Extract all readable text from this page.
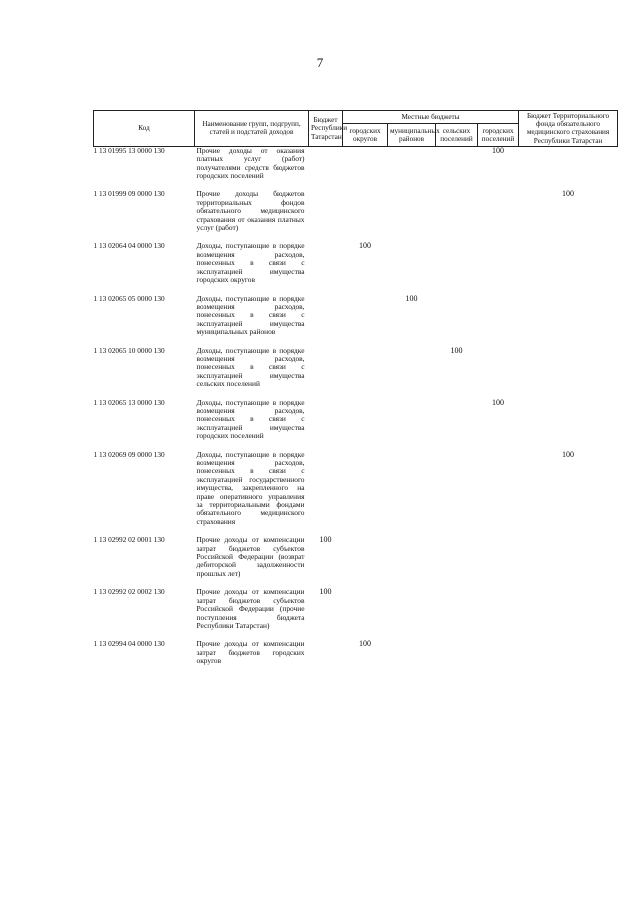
7
Код	Наименование групп, подгрупп, статей и подстатей доходов	Бюджет Республики Татарстан	Местные бюджеты				Бюджет Территориального фонда обязательного медицинского страхования Республики Татарстан
			городских округов	муниципальных районов	сельских поселений	городских поселений	
1 13 01995 13 0000 130	Прочие доходы от оказания платных услуг (работ) получателями средств бюджетов городских поселений					100	

1 13 01999 09 0000 130	Прочие доходы бюджетов территориальных фондов обязательного медицинского страхования от оказания платных услуг (работ)						100

1 13 02064 04 0000 130	Доходы, поступающие в порядке возмещения расходов, понесенных в связи с эксплуатацией имущества городских округов		100				

1 13 02065 05 0000 130	Доходы, поступающие в порядке возмещения расходов, понесенных в связи с эксплуатацией имущества муниципальных районов			100			

1 13 02065 10 0000 130	Доходы, поступающие в порядке возмещения расходов, понесенных в связи с эксплуатацией имущества сельских поселений				100		

1 13 02065 13 0000 130	Доходы, поступающие в порядке возмещения расходов, понесенных в связи с эксплуатацией имущества городских поселений					100	

1 13 02069 09 0000 130	Доходы, поступающие в порядке возмещения расходов, понесенных в связи с эксплуатацией государственного имущества, закрепленного на праве оперативного управления за территориальными фондами обязательного медицинского страхования						100

1 13 02992 02 0001 130	Прочие доходы от компенсации затрат бюджетов субъектов Российской Федерации (возврат дебиторской задолженности прошлых лет)	100					

1 13 02992 02 0002 130	Прочие доходы от компенсации затрат бюджетов субъектов Российской Федерации (прочие поступления бюджета Республики Татарстан)	100					

1 13 02994 04 0000 130	Прочие доходы от компенсации затрат бюджетов городских округов		100				
